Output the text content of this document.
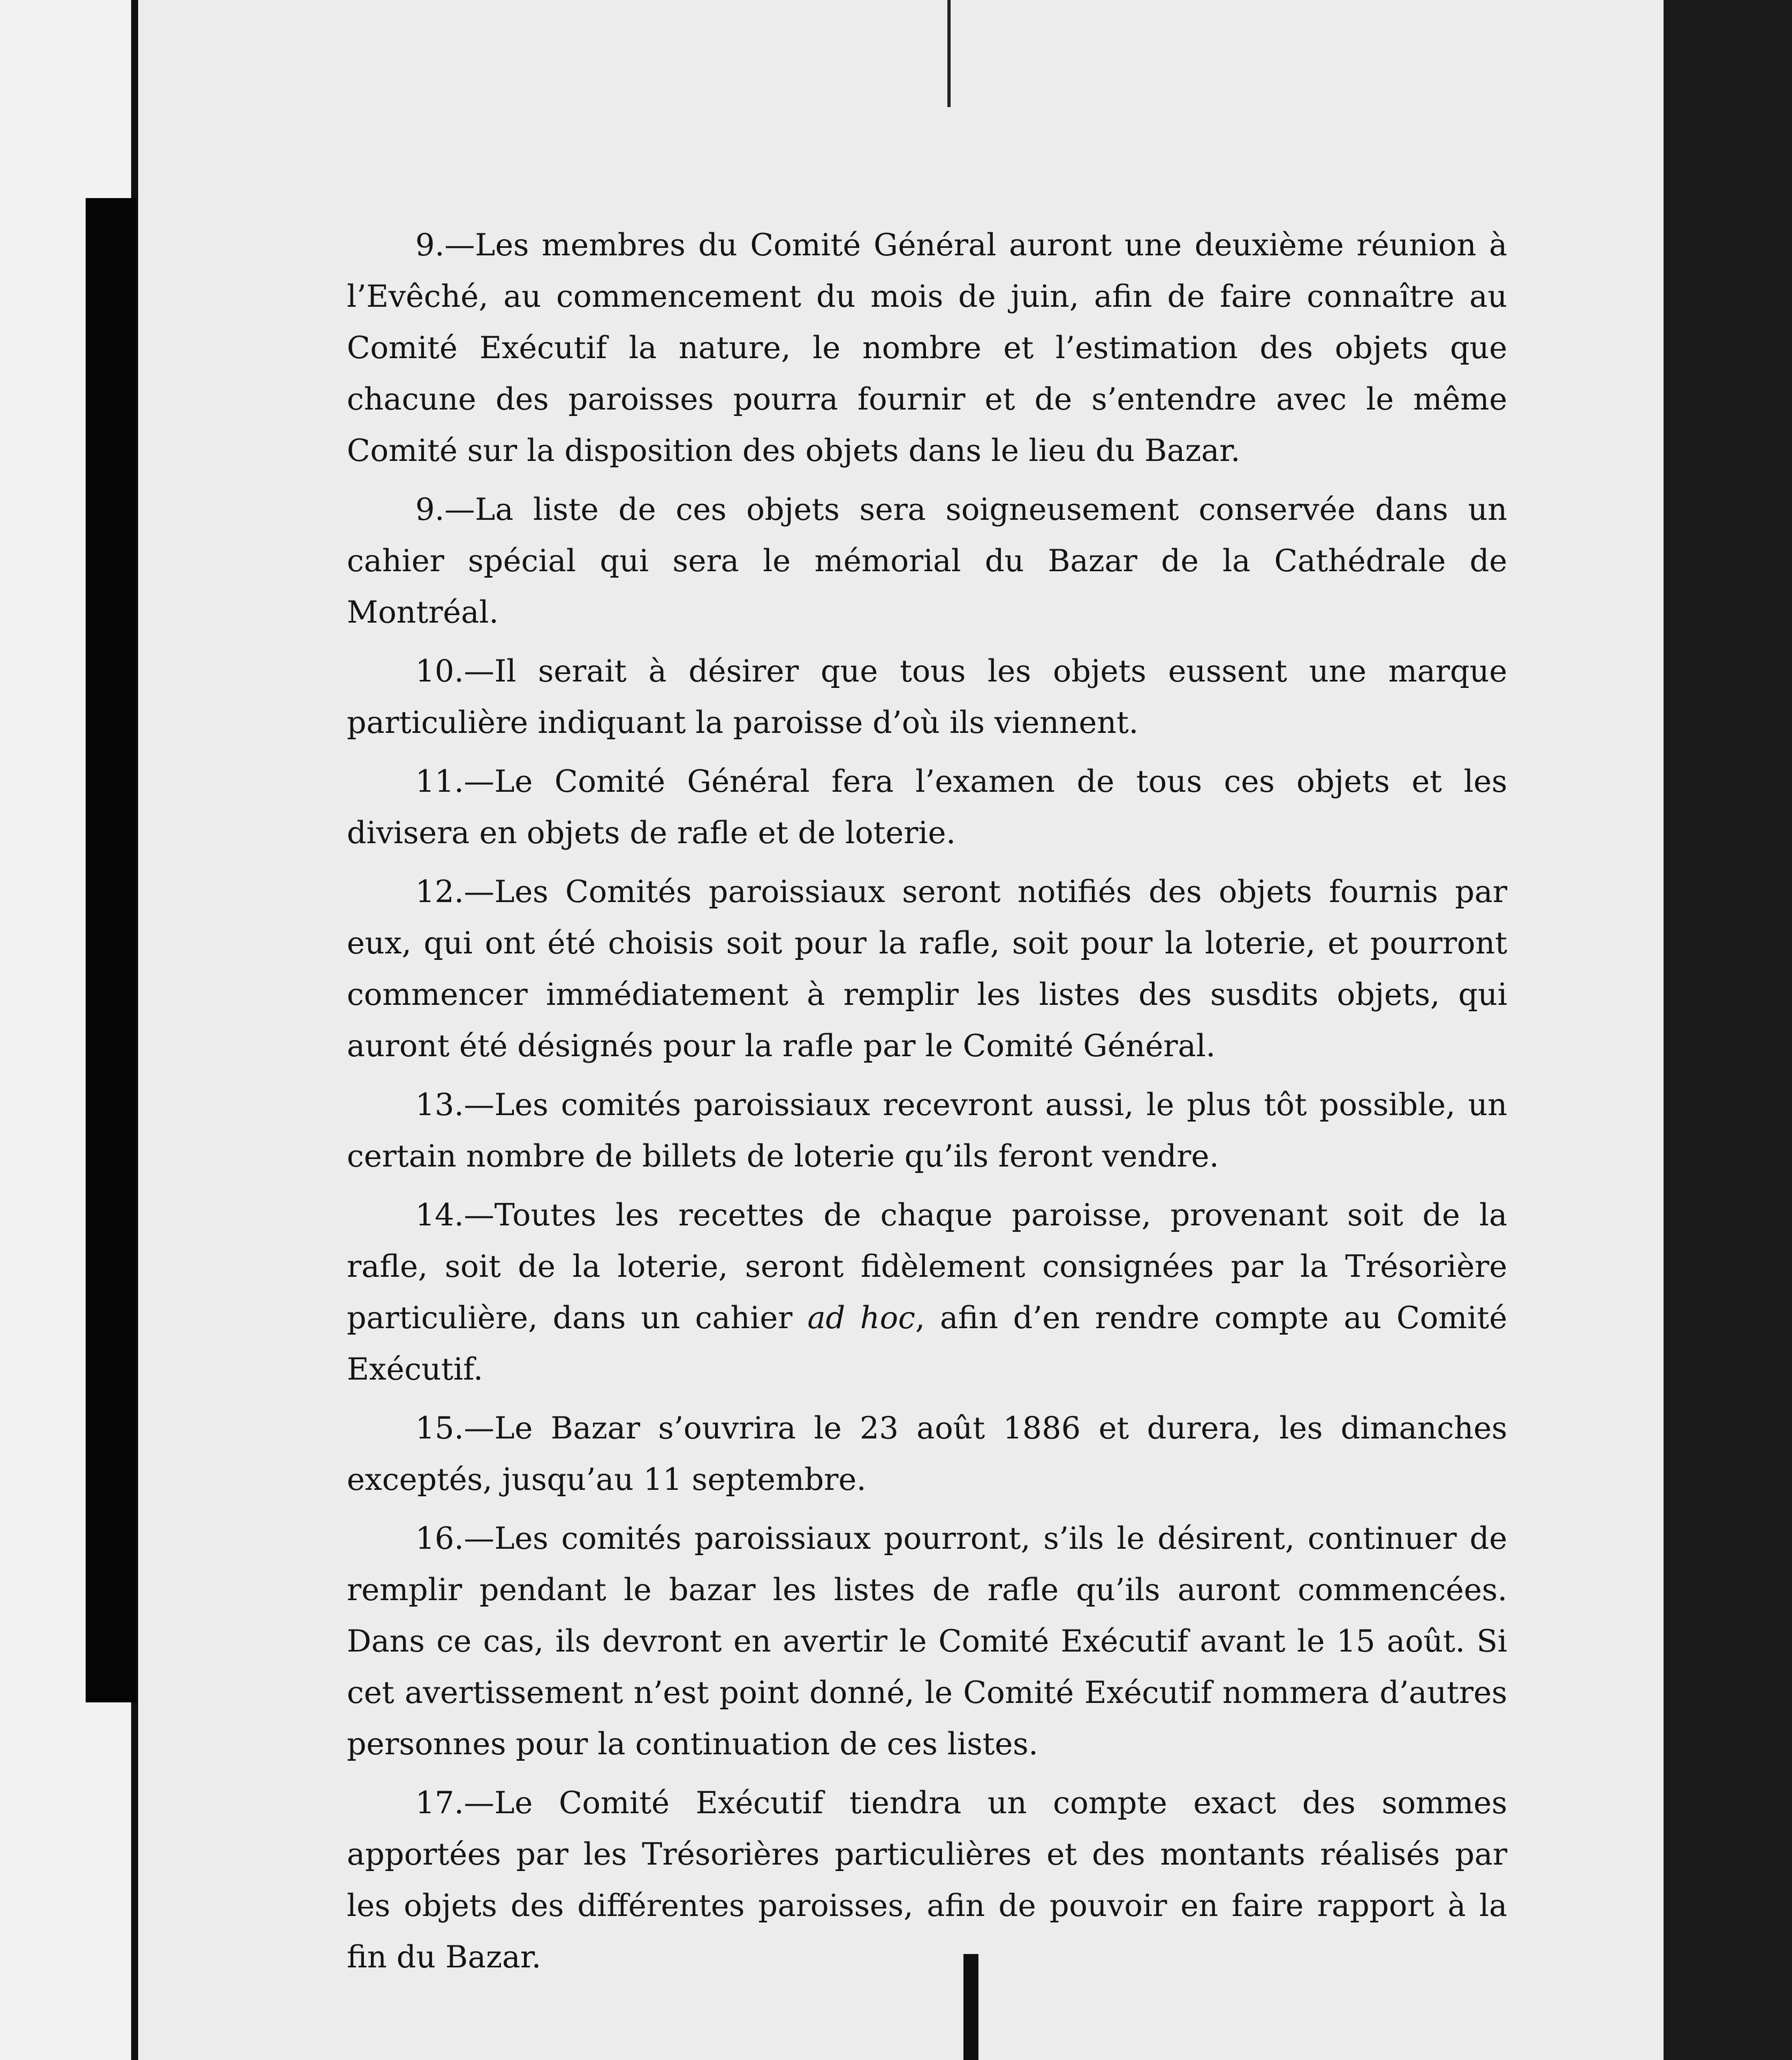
9.—Les membres du Comité Général auront une deuxième réunion à l’Evêché, au commencement du mois de juin, afin de faire connaître au Comité Exécutif la nature, le nombre et l’estimation des objets que chacune des paroisses pourra fournir et de s’entendre avec le même Comité sur la disposition des objets dans le lieu du Bazar.

9.—La liste de ces objets sera soigneusement conservée dans un cahier spécial qui sera le mémorial du Bazar de la Cathédrale de Montréal.

10.—Il serait à désirer que tous les objets eussent une marque particulière indiquant la paroisse d’où ils viennent.

11.—Le Comité Général fera l’examen de tous ces objets et les divisera en objets de rafle et de loterie.

12.—Les Comités paroissiaux seront notifiés des objets fournis par eux, qui ont été choisis soit pour la rafle, soit pour la loterie, et pourront commencer immédiatement à remplir les listes des susdits objets, qui auront été désignés pour la rafle par le Comité Général.

13.—Les comités paroissiaux recevront aussi, le plus tôt possible, un certain nombre de billets de loterie qu’ils feront vendre.

14.—Toutes les recettes de chaque paroisse, provenant soit de la rafle, soit de la loterie, seront fidèlement consignées par la Trésorière particulière, dans un cahier ad hoc, afin d’en rendre compte au Comité Exécutif.

15.—Le Bazar s’ouvrira le 23 août 1886 et durera, les dimanches exceptés, jusqu’au 11 septembre.

16.—Les comités paroissiaux pourront, s’ils le désirent, continuer de remplir pendant le bazar les listes de rafle qu’ils auront commencées. Dans ce cas, ils devront en avertir le Comité Exécutif avant le 15 août. Si cet avertissement n’est point donné, le Comité Exécutif nommera d’autres personnes pour la continuation de ces listes.

17.—Le Comité Exécutif tiendra un compte exact des sommes apportées par les Trésorières particulières et des montants réalisés par les objets des différentes paroisses, afin de pouvoir en faire rapport à la fin du Bazar.
